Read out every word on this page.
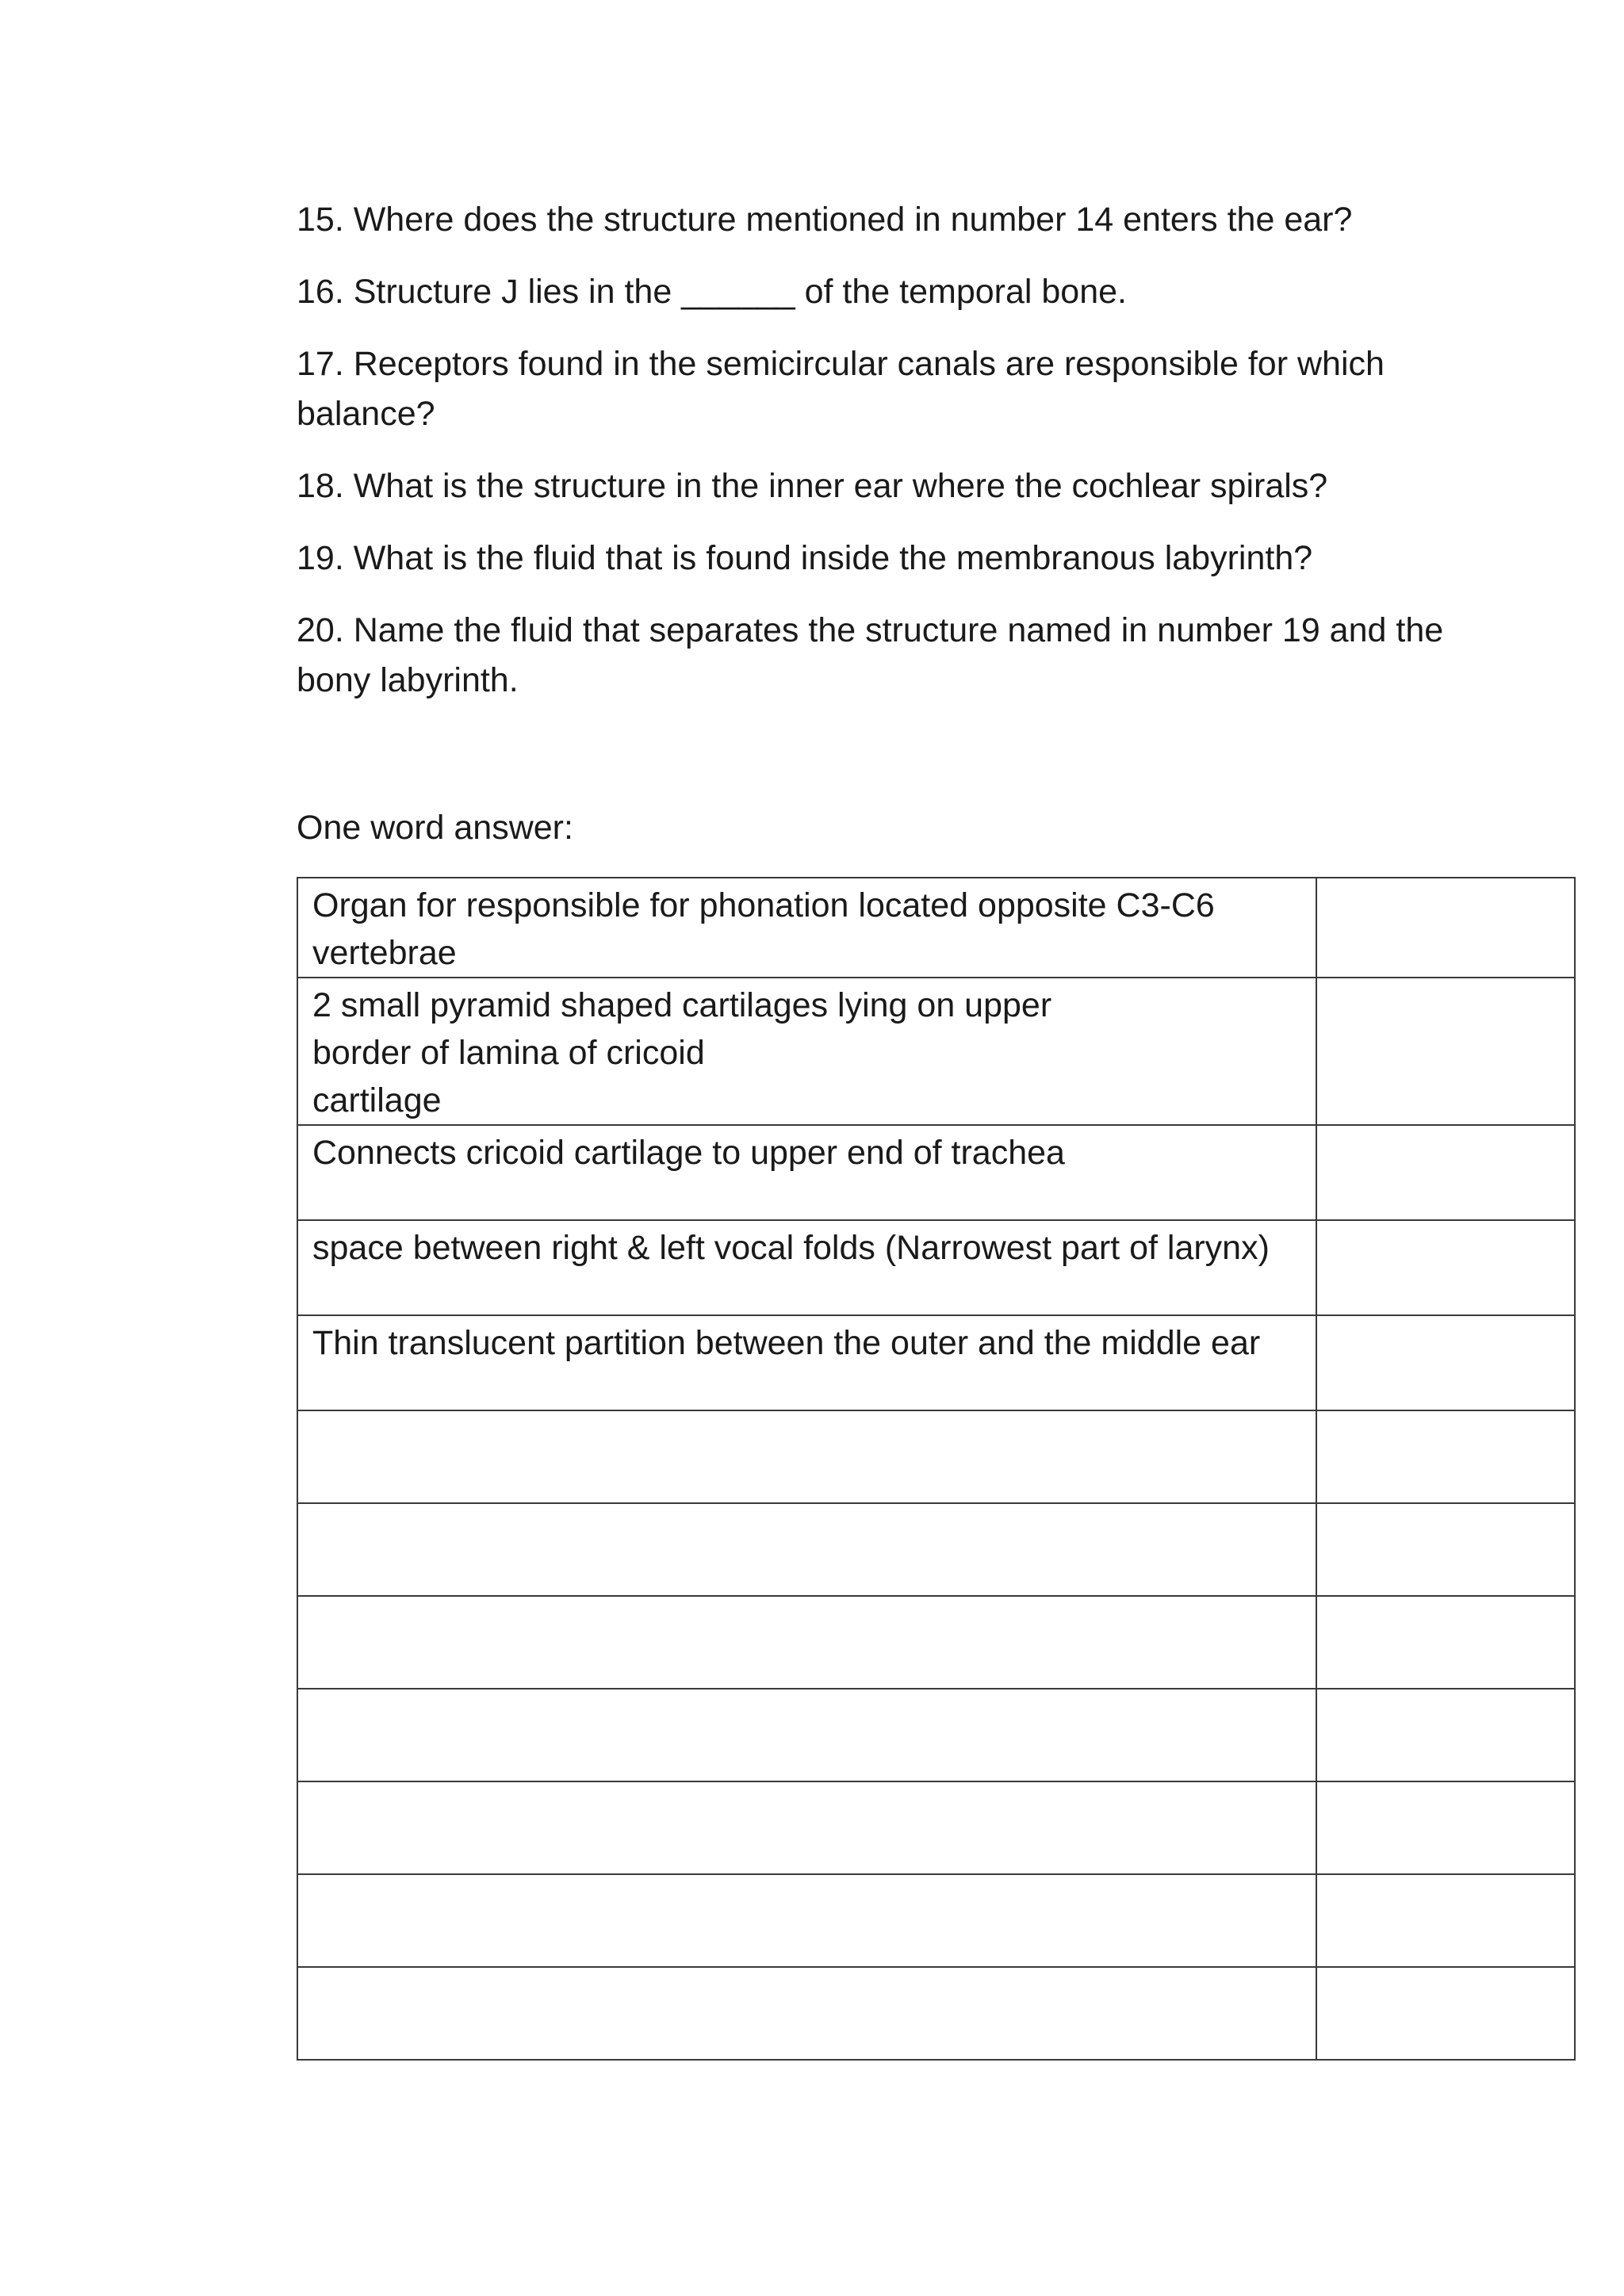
15. Where does the structure mentioned in number 14 enters the ear?

16. Structure J lies in the ______ of the temporal bone.

17. Receptors found in the semicircular canals are responsible for which balance?

18. What is the structure in the inner ear where the cochlear spirals?

19. What is the fluid that is found inside the membranous labyrinth?

20. Name the fluid that separates the structure named in number 19 and the bony labyrinth.

One word answer:
Organ for responsible for phonation located opposite C3-C6 vertebrae	
2 small pyramid shaped cartilages lying on upper
border of lamina of cricoid
cartilage	
Connects cricoid cartilage to upper end of trachea	
space between right & left vocal folds (Narrowest part of larynx)	
Thin translucent partition between the outer and the middle ear	
